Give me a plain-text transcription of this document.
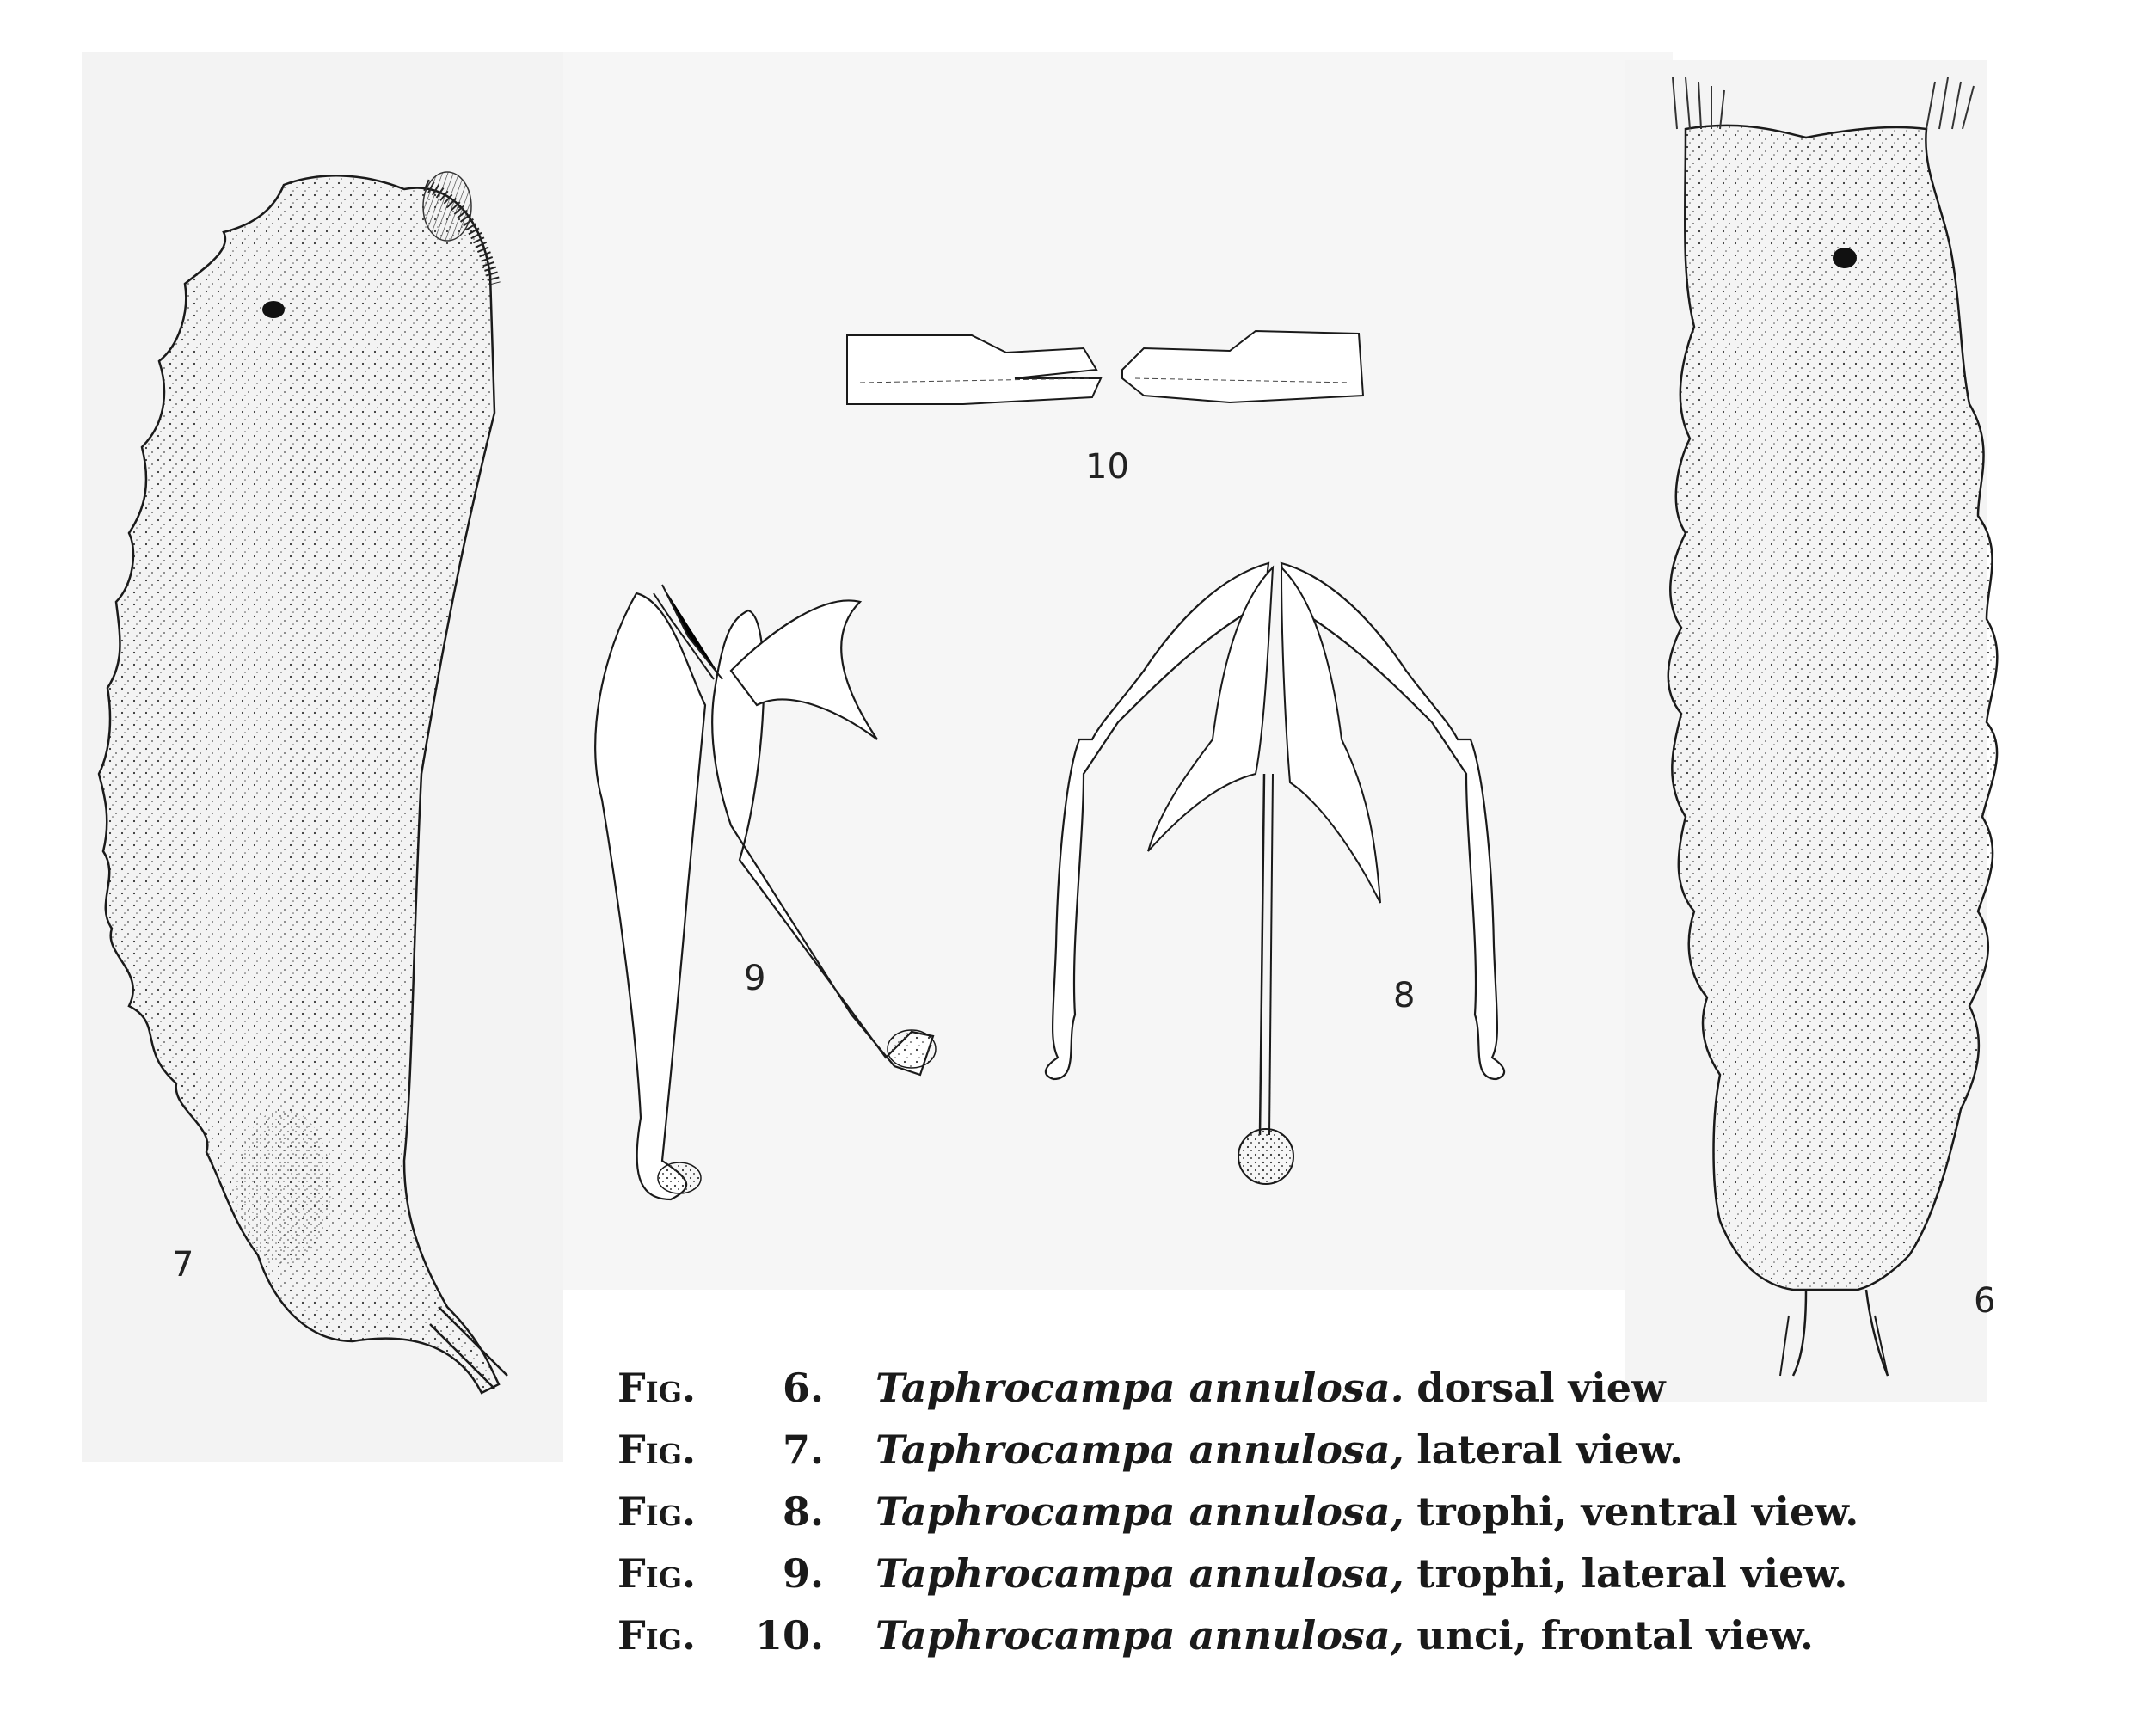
7
10
9	8
6
Fig. 6. Taphrocampa annulosa. dorsal view
Fig. 7. Taphrocampa annulosa, lateral view.
Fig. 8. Taphrocampa annulosa, trophi, ventral view.
Fig. 9. Taphrocampa annulosa, trophi, lateral view.
Fig. 10. Taphrocampa annulosa, unci, frontal view.
